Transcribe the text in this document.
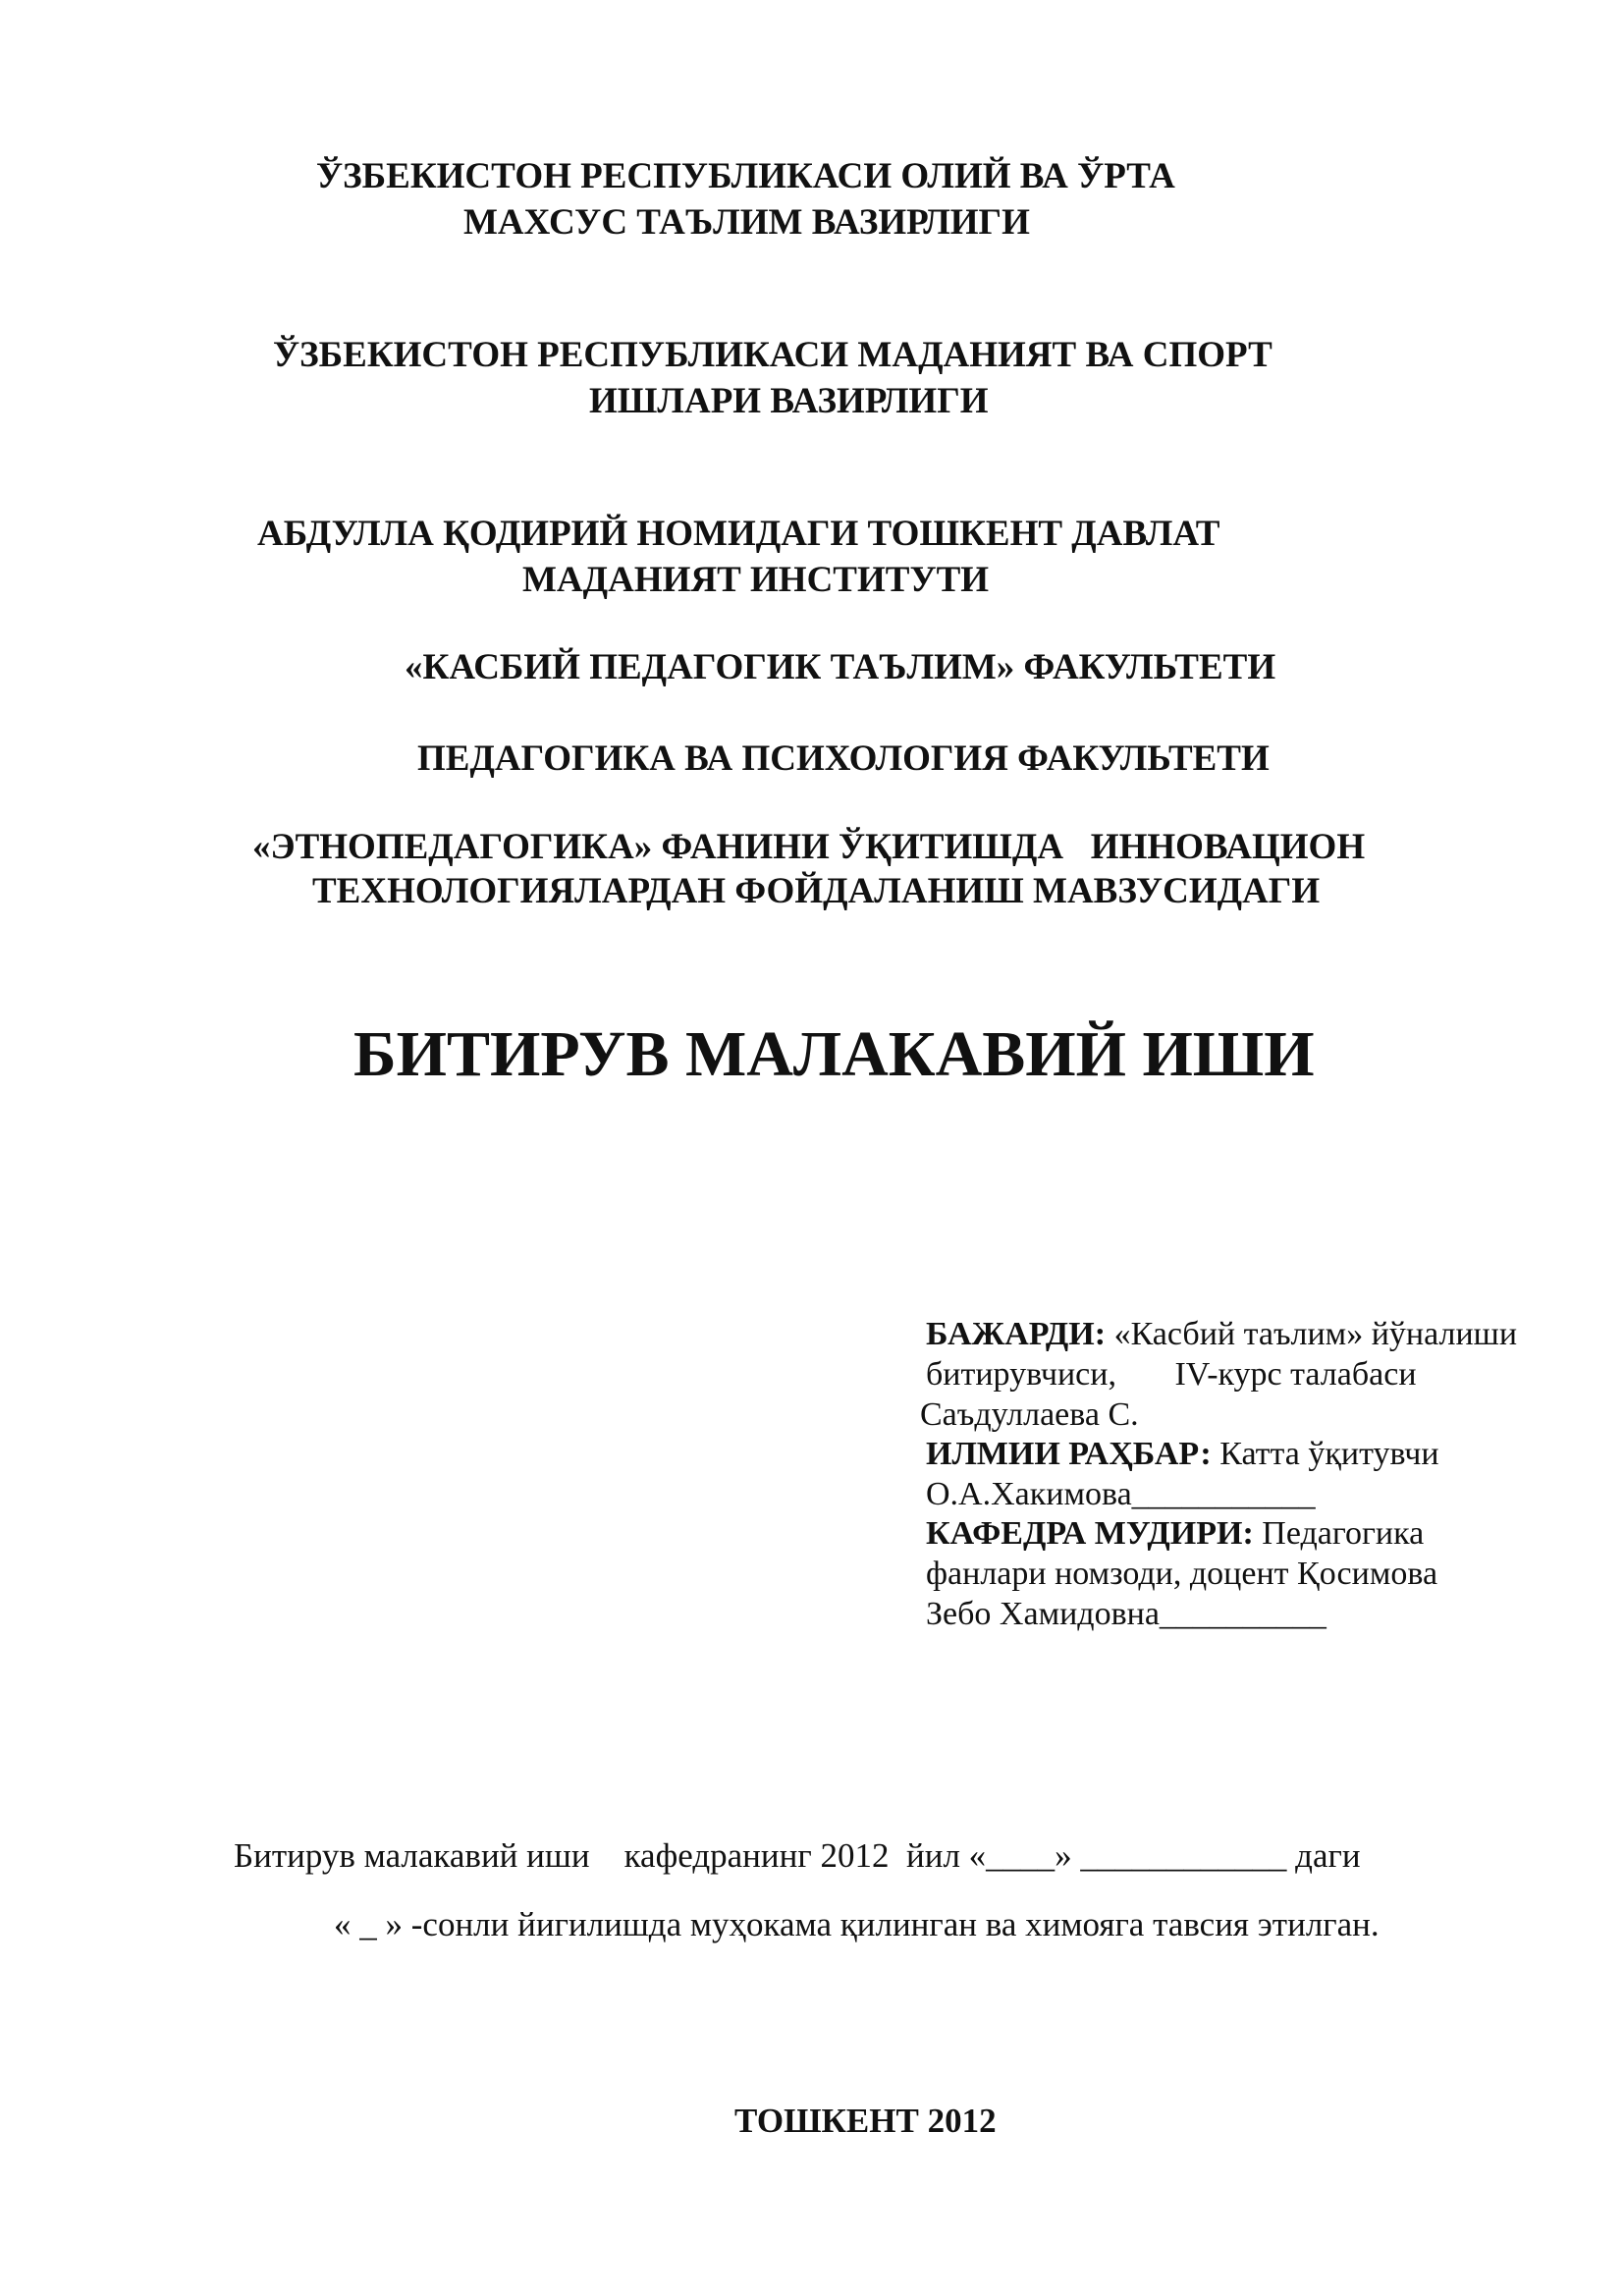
ЎЗБЕКИСТОН РЕСПУБЛИКАСИ ОЛИЙ ВА ЎРТА
МАХСУС ТАЪЛИМ ВАЗИРЛИГИ
ЎЗБЕКИСТОН РЕСПУБЛИКАСИ МАДАНИЯТ ВА СПОРТ
ИШЛАРИ ВАЗИРЛИГИ
АБДУЛЛА ҚОДИРИЙ НОМИДАГИ ТОШКЕНТ ДАВЛАТ
МАДАНИЯТ ИНСТИТУТИ
«КАСБИЙ ПЕДАГОГИК ТАЪЛИМ» ФАКУЛЬТЕТИ
ПЕДАГОГИКА ВА ПСИХОЛОГИЯ ФАКУЛЬТЕТИ
«ЭТНОПЕДАГОГИКА» ФАНИНИ ЎҚИТИШДА   ИННОВАЦИОН
ТЕХНОЛОГИЯЛАРДАН ФОЙДАЛАНИШ МАВЗУСИДАГИ
БИТИРУВ МАЛАКАВИЙ ИШИ
БАЖАРДИ: «Касбий таълим» йўналиши
битирувчиси,       IV-курс талабаси
Саъдуллаева С.
ИЛМИИ РАҲБАР: Катта ўқитувчи
О.А.Хакимова___________
КАФЕДРА МУДИРИ: Педагогика
фанлари номзоди, доцент Қосимова
Зебо Хамидовна__________
Битирув малакавий иши    кафедранинг 2012  йил «____» ____________ даги
« _ » -сонли йигилишда муҳокама қилинган ва химояга тавсия этилган.
ТОШКЕНТ 2012
